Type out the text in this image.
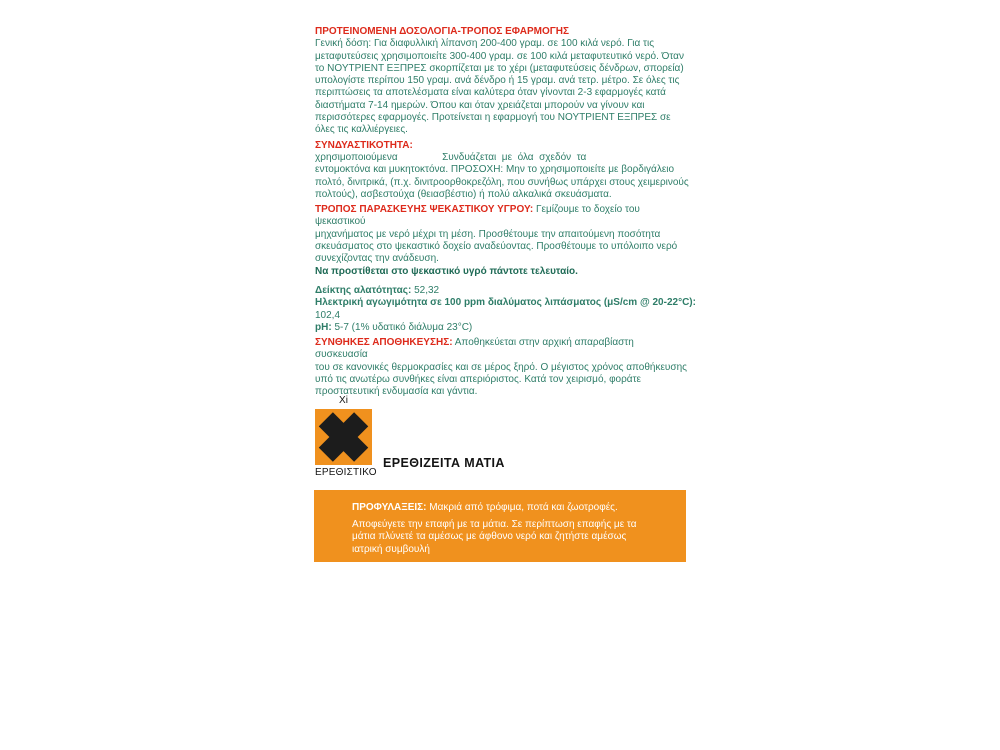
ΠΡΟΤΕΙΝΟΜΕΝΗ ΔΟΣΟΛΟΓΙΑ-ΤΡΟΠΟΣ ΕΦΑΡΜΟΓΗΣ
Γενική δόση: Για διαφυλλική λίπανση 200-400 γραμ. σε 100 κιλά νερό. Για τις
μεταφυτεύσεις χρησιμοποιείτε 300-400 γραμ. σε 100 κιλά μεταφυτευτικό νερό. Όταν
το ΝΟΥΤΡΙΕΝΤ ΕΞΠΡΕΣ σκορπίζεται με το χέρι (μεταφυτεύσεις δένδρων, σπορεία)
υπολογίστε περίπου 150 γραμ. ανά δένδρο ή 15 γραμ. ανά τετρ. μέτρο. Σε όλες τις
περιπτώσεις τα αποτελέσματα είναι καλύτερα όταν γίνονται 2-3 εφαρμογές κατά
διαστήματα 7-14 ημερών. Όπου και όταν χρειάζεται μπορούν να γίνουν και
περισσότερες εφαρμογές. Προτείνεται η εφαρμογή του ΝΟΥΤΡΙΕΝΤ ΕΞΠΡΕΣ σε
όλες τις καλλιέργειες.
ΣΥΝΔΥΑΣΤΙΚΟΤΗΤΑ:
χρησιμοποιούμενα                Συνδυάζεται  με  όλα  σχεδόν  τα
εντομοκτόνα και μυκητοκτόνα. ΠΡΟΣΟΧΗ: Μην το χρησιμοποιείτε με βορδιγάλειο
πολτό, δινιτρικά, (π.χ. δινιτροορθοκρεζόλη, που συνήθως υπάρχει στους χειμερινούς
πολτούς), ασβεστούχα (θειασβέστιο) ή πολύ αλκαλικά σκευάσματα.
ΤΡΟΠΟΣ ΠΑΡΑΣΚΕΥΗΣ ΨΕΚΑΣΤΙΚΟΥ ΥΓΡΟΥ: Γεμίζουμε το δοχείο του ψεκαστικού
μηχανήματος με νερό μέχρι τη μέση. Προσθέτουμε την απαιτούμενη ποσότητα
σκευάσματος στο ψεκαστικό δοχείο αναδεύοντας. Προσθέτουμε το υπόλοιπο νερό
συνεχίζοντας την ανάδευση.
Να προστίθεται στο ψεκαστικό υγρό πάντοτε τελευταίο.
Δείκτης αλατότητας: 52,32
Ηλεκτρική αγωγιμότητα σε 100 ppm διαλύματος λιπάσματος (μS/cm @ 20-22°C):
102,4
pH: 5-7 (1% υδατικό διάλυμα 23°C)
ΣΥΝΘΗΚΕΣ ΑΠΟΘΗΚΕΥΣΗΣ: Αποθηκεύεται στην αρχική απαραβίαστη συσκευασία
του σε κανονικές θερμοκρασίες και σε μέρος ξηρό. Ο μέγιστος χρόνος αποθήκευσης
υπό τις ανωτέρω συνθήκες είναι απεριόριστος. Κατά τον χειρισμό, φοράτε
προστατευτική ενδυμασία και γάντια.
Xi
ΕΡΕΘΙΣΤΙΚΟ
ΕΡΕΘΙΖΕΙΤΑ ΜΑΤΙΑ
ΠΡΟΦΥΛΑΞΕΙΣ: Μακριά από τρόφιμα, ποτά και ζωοτροφές.
Αποφεύγετε την επαφή με τα μάτια. Σε περίπτωση επαφής με τα μάτια πλύνετέ τα αμέσως με άφθονο νερό και ζητήστε αμέσως ιατρική συμβουλή
